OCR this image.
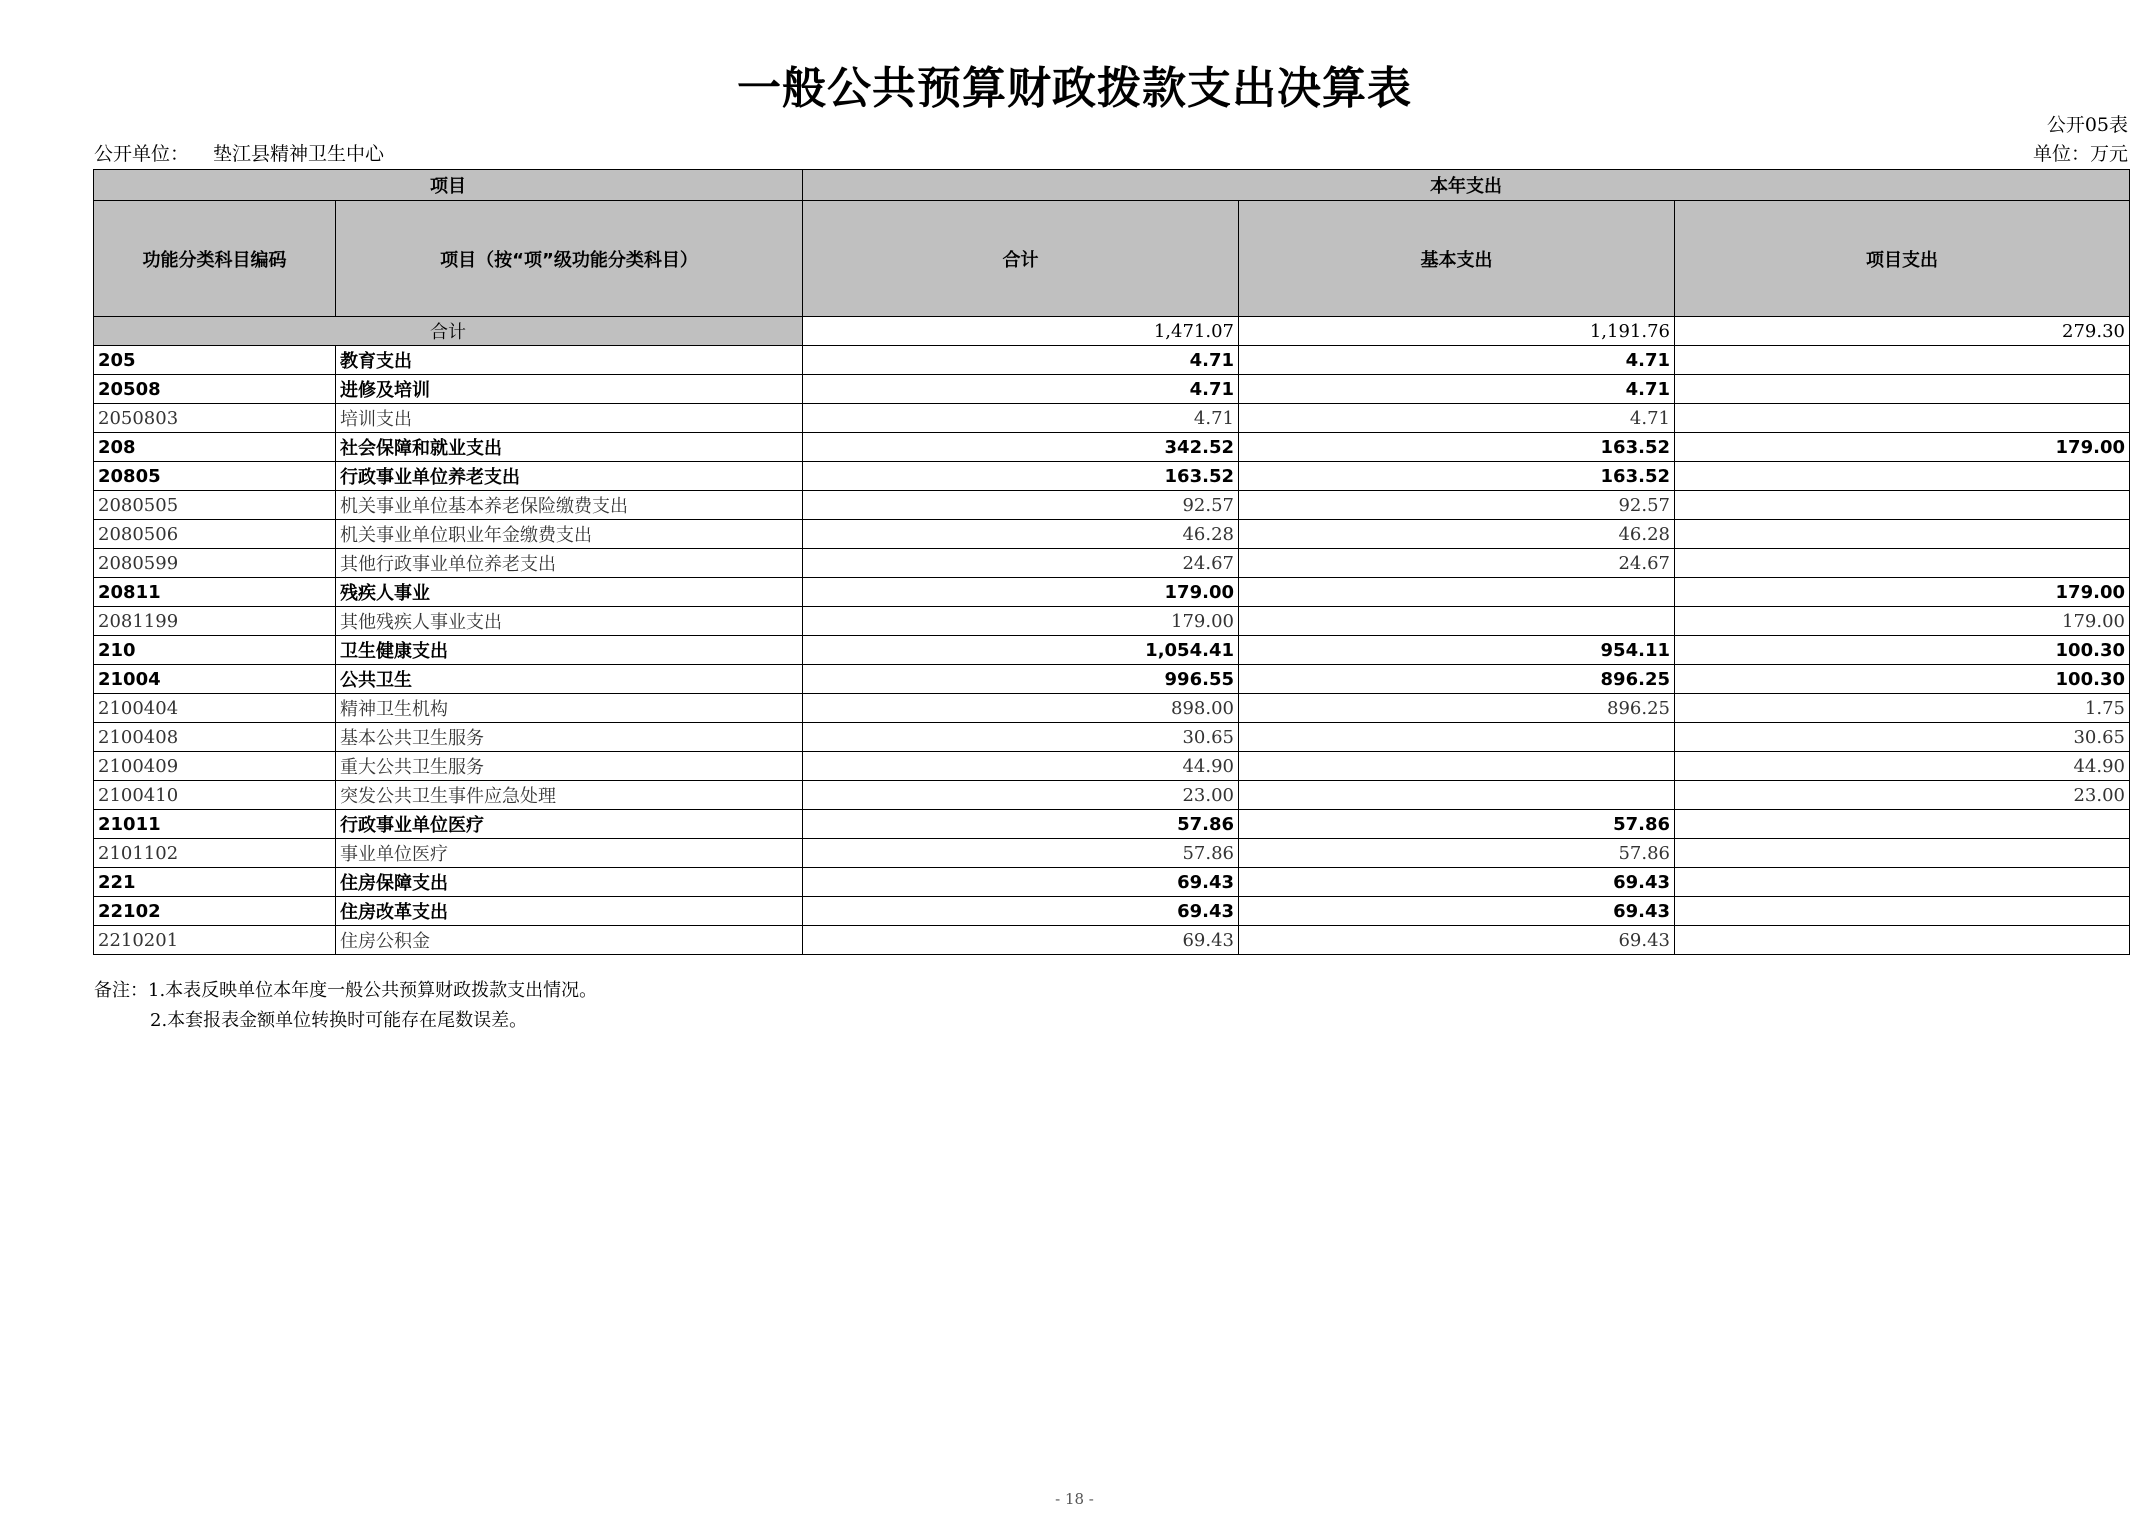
一般公共预算财政拨款支出决算表
公开05表
公开单位： 垫江县精神卫生中心	单位：万元
项目		本年支出		
功能分类科目编码	项目（按“项”级功能分类科目）	合计	基本支出	项目支出
合计		1,471.07	1,191.76	279.30
205	教育支出	4.71	4.71	
20508	进修及培训	4.71	4.71	
2050803	培训支出	4.71	4.71	
208	社会保障和就业支出	342.52	163.52	179.00
20805	行政事业单位养老支出	163.52	163.52	
2080505	机关事业单位基本养老保险缴费支出	92.57	92.57	
2080506	机关事业单位职业年金缴费支出	46.28	46.28	
2080599	其他行政事业单位养老支出	24.67	24.67	
20811	残疾人事业	179.00		179.00
2081199	其他残疾人事业支出	179.00		179.00
210	卫生健康支出	1,054.41	954.11	100.30
21004	公共卫生	996.55	896.25	100.30
2100404	精神卫生机构	898.00	896.25	1.75
2100408	基本公共卫生服务	30.65		30.65
2100409	重大公共卫生服务	44.90		44.90
2100410	突发公共卫生事件应急处理	23.00		23.00
21011	行政事业单位医疗	57.86	57.86	
2101102	事业单位医疗	57.86	57.86	
221	住房保障支出	69.43	69.43	
22102	住房改革支出	69.43	69.43	
2210201	住房公积金	69.43	69.43	
备注：1.本表反映单位本年度一般公共预算财政拨款支出情况。
2.本套报表金额单位转换时可能存在尾数误差。
- 18 -
